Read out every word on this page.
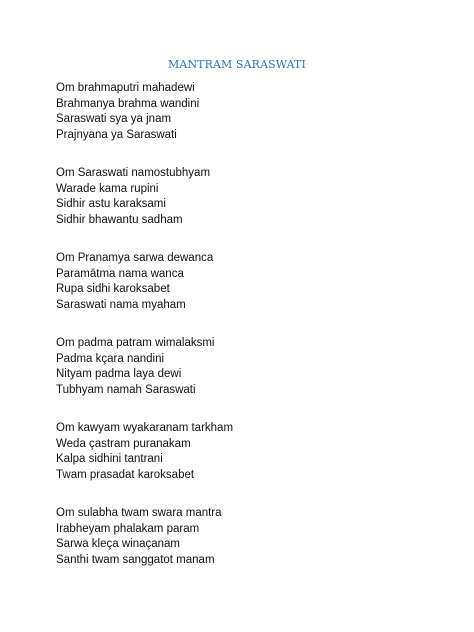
MANTRAM SARASWATI
Om brahmaputri mahadewi
Brahmanya brahma wandini
Saraswati sya ya jnam
Prajnyana ya Saraswati
Om Saraswati namostubhyam
Warade kama rupini
Sidhir astu karaksami
Sidhir bhawantu sadham
Om Pranamya sarwa dewanca
Paramātma nama wanca
Rupa sidhi karoksabet
Saraswati nama myaham
Om padma patram wimalaksmi
Padma kçara nandini
Nityam padma laya dewi
Tubhyam namah Saraswati
Om kawyam wyakaranam tarkham
Weda çastram puranakam
Kalpa sidhini tantrani
Twam prasadat karoksabet
Om sulabha twam swara mantra
Irabheyam phalakam param
Sarwa kleça winaçanam
Santhi twam sanggatot manam
